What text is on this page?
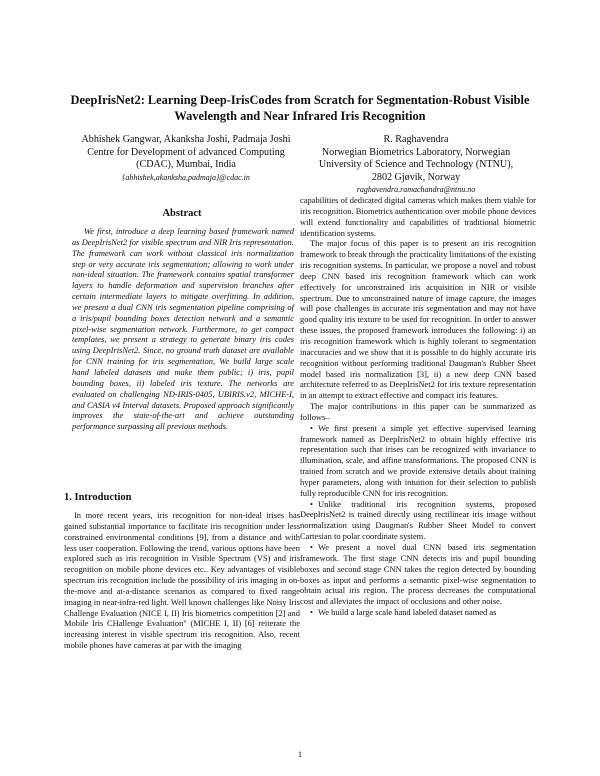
DeepIrisNet2: Learning Deep-IrisCodes from Scratch for Segmentation-Robust Visible Wavelength and Near Infrared Iris Recognition
Abhishek Gangwar, Akanksha Joshi, Padmaja Joshi
Centre for Development of advanced Computing
(CDAC), Mumbai, India
{abhishek,akanksha,padmaja}@cdac.in
R. Raghavendra
Norwegian Biometrics Laboratory, Norwegian
University of Science and Technology (NTNU),
2802 Gjøvik, Norway
raghavendra.ramachandra@ntnu.no
Abstract
We first, introduce a deep learning based framework named as DeepIrisNet2 for visible spectrum and NIR Iris representation. The framework can work without classical iris normalization step or very accurate iris segmentation; allowing to work under non-ideal situation. The framework contains spatial transformer layers to handle deformation and supervision branches after certain intermediate layers to mitigate overfitting. In addition, we present a dual CNN iris segmentation pipeline comprising of a iris/pupil bounding boxes detection network and a semantic pixel-wise segmentation network. Furthermore, to get compact templates, we present a strategy to generate binary iris codes using DeepIrisNet2. Since, no ground truth dataset are available for CNN training for iris segmentation, We build large scale hand labeled datasets and make them public; i) iris, pupil bounding boxes, ii) labeled iris texture. The networks are evaluated on challenging ND-IRIS-0405, UBIRIS.v2, MICHE-I, and CASIA v4 Interval datasets. Proposed approach significantly improves the state-of-the-art and achieve outstanding performance surpassing all previous methods.
1. Introduction
In more recent years, iris recognition for non-ideal irises has gained substantial importance to facilitate iris recognition under less constrained environmental conditions [9], from a distance and with less user cooperation. Following the trend, various options have been explored such as iris recognition in Visible Spectrum (VS) and iris recognition on mobile phone devices etc.. Key advantages of visible spectrum iris recognition include the possibility of iris imaging in on-the-move and at-a-distance scenarios as compared to fixed range imaging in near-infra-red light. Well known challenges like Noisy Iris Challenge Evaluation (NICE I, II) Iris biometrics competition [2] and Mobile Iris CHallenge Evaluation" (MICHE I, II) [6] reiterate the increasing interest in visible spectrum iris recognition. Also, recent mobile phones have cameras at par with the imaging

capabilities of dedicated digital cameras which makes them viable for iris recognition. Biometrics authentication over mobile phone devices will extend functionality and capabilities of traditional biometric identification systems.

The major focus of this paper is to present an iris recognition framework to break through the practicality limitations of the existing iris recognition systems. In particular, we propose a novel and robust deep CNN based iris recognition framework which can work effectively for unconstrained iris acquisition in NIR or visible spectrum. Due to unconstrained nature of image capture, the images will pose challenges in accurate iris segmentation and may not have good quality iris texture to be used for recognition. In order to answer these issues, the proposed framework introduces the following: i) an iris recognition framework which is highly tolerant to segmentation inaccuracies and we show that it is possible to do highly accurate iris recognition without performing traditional Daugman's Rubber Sheet model based iris normalization [3], ii) a new deep CNN based architecture referred to as DeepIrisNet2 for iris texture representation in an attempt to extract effective and compact iris features.

The major contributions in this paper can be summarized as follows–

• We first present a simple yet effective supervised learning framework named as DeepIrisNet2 to obtain highly effective iris representation such that irises can be recognized with invariance to illumination, scale, and affine transformations. The proposed CNN is trained from scratch and we provide extensive details about training hyper parameters, along with intuition for their selection to publish fully reproducible CNN for iris recognition.
• Unlike traditional iris recognition systems, proposed DeepIrisNet2 is trained directly using rectilinear iris image without normalization using Daugman's Rubber Sheet Model to convert Cartesian to polar coordinate system.
• We present a novel dual CNN based iris segmentation framework. The first stage CNN detects iris and pupil bounding boxes and second stage CNN takes the region detected by bounding boxes as input and performs a semantic pixel-wise segmentation to obtain actual iris region. The process decreases the computational cost and alleviates the impact of occlusions and other noise.
• We build a large scale hand labeled dataset named as
1
